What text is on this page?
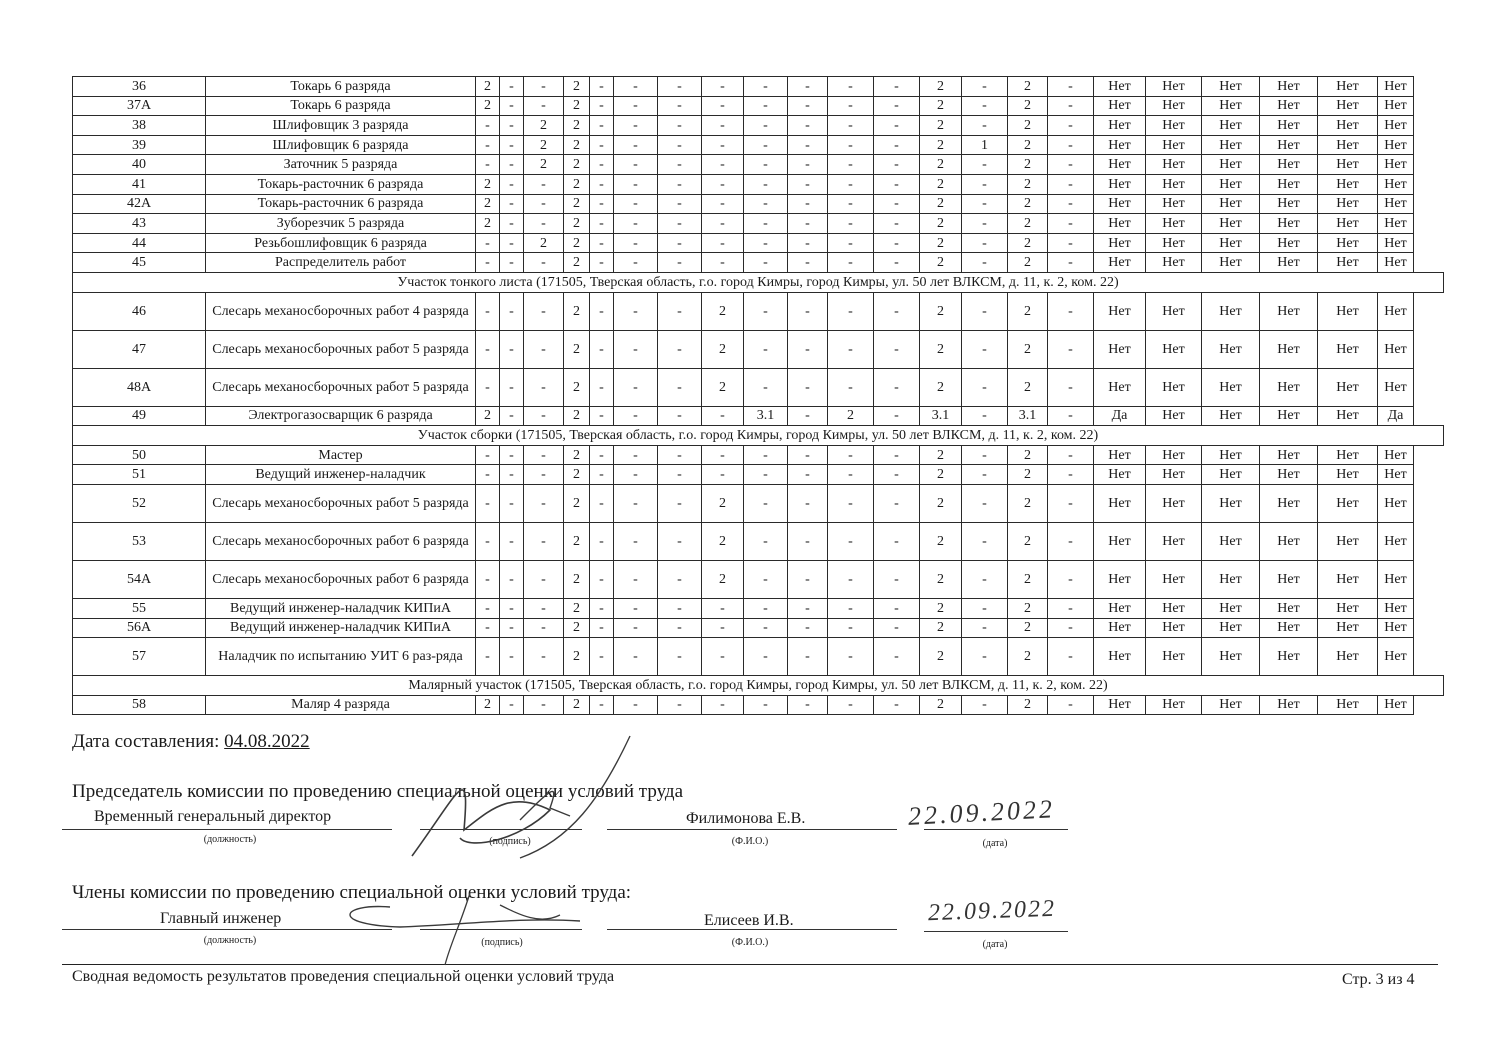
36	Токарь 6 разряда	2	-	-	2	-	-	-	-	-	-	-	-	2	-	2	-	Нет	Нет	Нет	Нет	Нет	Нет
37А	Токарь 6 разряда	2	-	-	2	-	-	-	-	-	-	-	-	2	-	2	-	Нет	Нет	Нет	Нет	Нет	Нет
38	Шлифовщик 3 разряда	-	-	2	2	-	-	-	-	-	-	-	-	2	-	2	-	Нет	Нет	Нет	Нет	Нет	Нет
39	Шлифовщик 6 разряда	-	-	2	2	-	-	-	-	-	-	-	-	2	1	2	-	Нет	Нет	Нет	Нет	Нет	Нет
40	Заточник 5 разряда	-	-	2	2	-	-	-	-	-	-	-	-	2	-	2	-	Нет	Нет	Нет	Нет	Нет	Нет
41	Токарь-расточник 6 разряда	2	-	-	2	-	-	-	-	-	-	-	-	2	-	2	-	Нет	Нет	Нет	Нет	Нет	Нет
42А	Токарь-расточник 6 разряда	2	-	-	2	-	-	-	-	-	-	-	-	2	-	2	-	Нет	Нет	Нет	Нет	Нет	Нет
43	Зуборезчик 5 разряда	2	-	-	2	-	-	-	-	-	-	-	-	2	-	2	-	Нет	Нет	Нет	Нет	Нет	Нет
44	Резьбошлифовщик 6 разряда	-	-	2	2	-	-	-	-	-	-	-	-	2	-	2	-	Нет	Нет	Нет	Нет	Нет	Нет
45	Распределитель работ	-	-	-	2	-	-	-	-	-	-	-	-	2	-	2	-	Нет	Нет	Нет	Нет	Нет	Нет
Участок тонкого листа (171505, Тверская область, г.о. город Кимры, город Кимры, ул. 50 лет ВЛКСМ, д. 11, к. 2, ком. 22)																							
46	Слесарь механосборочных работ 4 разряда	-	-	-	2	-	-	-	2	-	-	-	-	2	-	2	-	Нет	Нет	Нет	Нет	Нет	Нет
47	Слесарь механосборочных работ 5 разряда	-	-	-	2	-	-	-	2	-	-	-	-	2	-	2	-	Нет	Нет	Нет	Нет	Нет	Нет
48А	Слесарь механосборочных работ 5 разряда	-	-	-	2	-	-	-	2	-	-	-	-	2	-	2	-	Нет	Нет	Нет	Нет	Нет	Нет
49	Электрогазосварщик 6 разряда	2	-	-	2	-	-	-	-	3.1	-	2	-	3.1	-	3.1	-	Да	Нет	Нет	Нет	Нет	Да
Участок сборки (171505, Тверская область, г.о. город Кимры, город Кимры, ул. 50 лет ВЛКСМ, д. 11, к. 2, ком. 22)																							
50	Мастер	-	-	-	2	-	-	-	-	-	-	-	-	2	-	2	-	Нет	Нет	Нет	Нет	Нет	Нет
51	Ведущий инженер-наладчик	-	-	-	2	-	-	-	-	-	-	-	-	2	-	2	-	Нет	Нет	Нет	Нет	Нет	Нет
52	Слесарь механосборочных работ 5 разряда	-	-	-	2	-	-	-	2	-	-	-	-	2	-	2	-	Нет	Нет	Нет	Нет	Нет	Нет
53	Слесарь механосборочных работ 6 разряда	-	-	-	2	-	-	-	2	-	-	-	-	2	-	2	-	Нет	Нет	Нет	Нет	Нет	Нет
54А	Слесарь механосборочных работ 6 разряда	-	-	-	2	-	-	-	2	-	-	-	-	2	-	2	-	Нет	Нет	Нет	Нет	Нет	Нет
55	Ведущий инженер-наладчик КИПиА	-	-	-	2	-	-	-	-	-	-	-	-	2	-	2	-	Нет	Нет	Нет	Нет	Нет	Нет
56А	Ведущий инженер-наладчик КИПиА	-	-	-	2	-	-	-	-	-	-	-	-	2	-	2	-	Нет	Нет	Нет	Нет	Нет	Нет
57	Наладчик по испытанию УИТ 6 раз-ряда	-	-	-	2	-	-	-	-	-	-	-	-	2	-	2	-	Нет	Нет	Нет	Нет	Нет	Нет
Малярный участок (171505, Тверская область, г.о. город Кимры, город Кимры, ул. 50 лет ВЛКСМ, д. 11, к. 2, ком. 22)																							
58	Маляр 4 разряда	2	-	-	2	-	-	-	-	-	-	-	-	2	-	2	-	Нет	Нет	Нет	Нет	Нет	Нет
Дата составления: 04.08.2022
Председатель комиссии по проведению специальной оценки условий труда
Временный генеральный директор	Филимонова Е.В.	22.09.2022
(должность)	(подпись)	(Ф.И.О.)	(дата)
Члены комиссии по проведению специальной оценки условий труда:
Главный инженер	Елисеев И.В.	22.09.2022
(должность)	(подпись)	(Ф.И.О.)	(дата)
Сводная ведомость результатов проведения специальной оценки условий труда	Стр. 3 из 4
